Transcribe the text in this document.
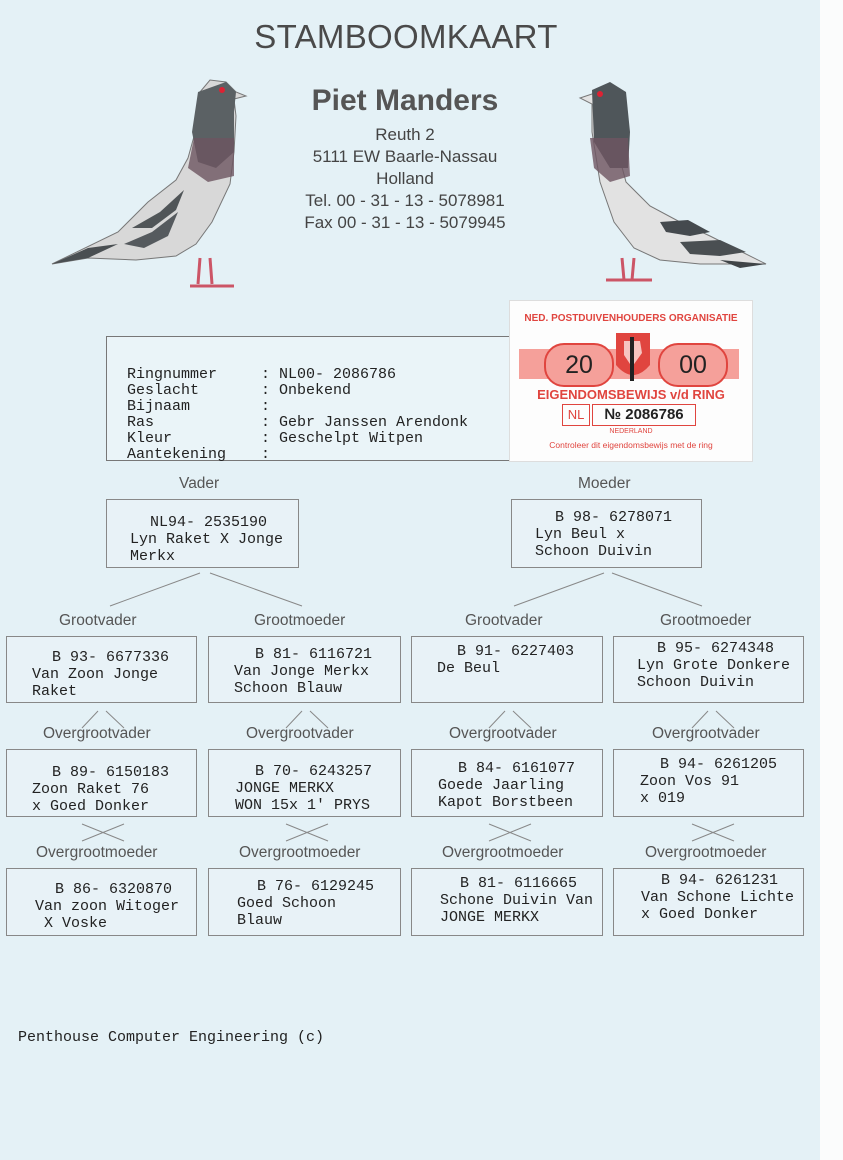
STAMBOOMKAART
Piet Manders
Reuth 2
5111 EW Baarle-Nassau
Holland
Tel. 00 - 31 - 13 - 5078981
Fax 00 - 31 - 13 - 5079945
Ringnummer	: NL00- 2086786
Geslacht	: Onbekend
Bijnaam	:
Ras	: Gebr Janssen Arendonk
Kleur	: Geschelpt Witpen
Aantekening :
NED. POSTDUIVENHOUDERS ORGANISATIE
20	00
EIGENDOMSBEWIJS v/d RING
NL	№ 2086786
NEDERLAND
Controleer dit eigendomsbewijs met de ring
Vader	Moeder
Grootvader	Grootmoeder	Grootvader	Grootmoeder
Overgrootvader	Overgrootvader	Overgrootvader	Overgrootvader
Overgrootmoeder	Overgrootmoeder	Overgrootmoeder	Overgrootmoeder
NL94- 2535190
Lyn Raket X Jonge
Merkx
B 98- 6278071
Lyn Beul x
Schoon Duivin
B 93- 6677336
Van Zoon Jonge
Raket
B 81- 6116721
Van Jonge Merkx
Schoon Blauw
B 91- 6227403
De Beul
B 95- 6274348
Lyn Grote Donkere
Schoon Duivin
B 89- 6150183
Zoon Raket 76
x Goed Donker
B 70- 6243257
JONGE MERKX
WON 15x 1' PRYS
B 84- 6161077
Goede Jaarling
Kapot Borstbeen
B 94- 6261205
Zoon Vos 91
x 019
B 86- 6320870
Van zoon Witoger
X Voske
B 76- 6129245
Goed Schoon
Blauw
B 81- 6116665
Schone Duivin Van
JONGE MERKX
B 94- 6261231
Van Schone Lichte
x Goed Donker
Penthouse Computer Engineering (c)
